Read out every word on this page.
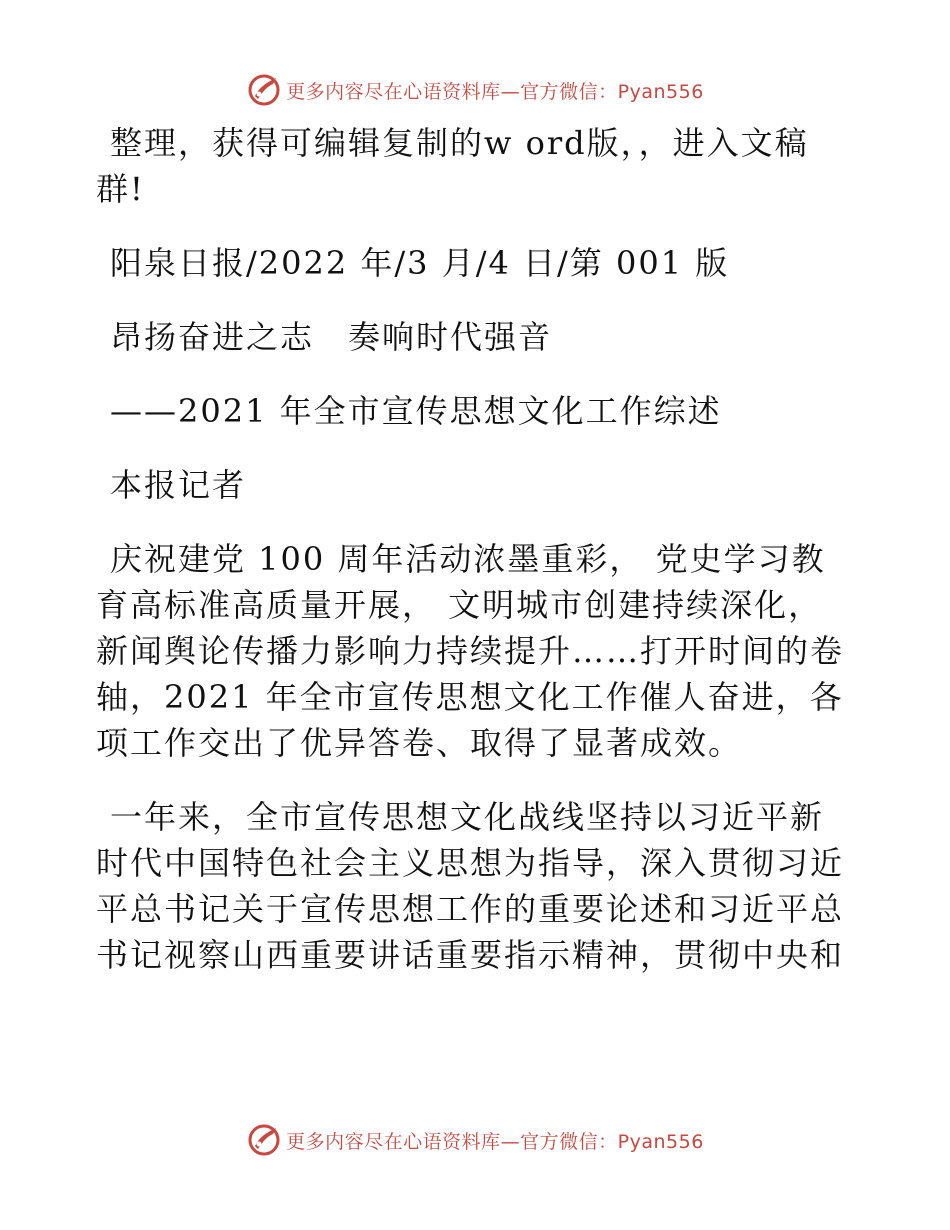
更多内容尽在心语资料库—官方微信：Pyan556

整理，获得可编辑复制的w ord版，，进入文稿

群!

阳泉日报/2022 年/3 月/4 日/第 001 版

昂扬奋进之志　奏响时代强音

——2021 年全市宣传思想文化工作综述

本报记者

庆祝建党 100 周年活动浓墨重彩， 党史学习教

育高标准高质量开展， 文明城市创建持续深化，

新闻舆论传播力影响力持续提升……打开时间的卷

轴，2021 年全市宣传思想文化工作催人奋进，各

项工作交出了优异答卷、取得了显著成效。

一年来，全市宣传思想文化战线坚持以习近平新

时代中国特色社会主义思想为指导，深入贯彻习近

平总书记关于宣传思想工作的重要论述和习近平总

书记视察山西重要讲话重要指示精神，贯彻中央和

更多内容尽在心语资料库—官方微信：Pyan556
